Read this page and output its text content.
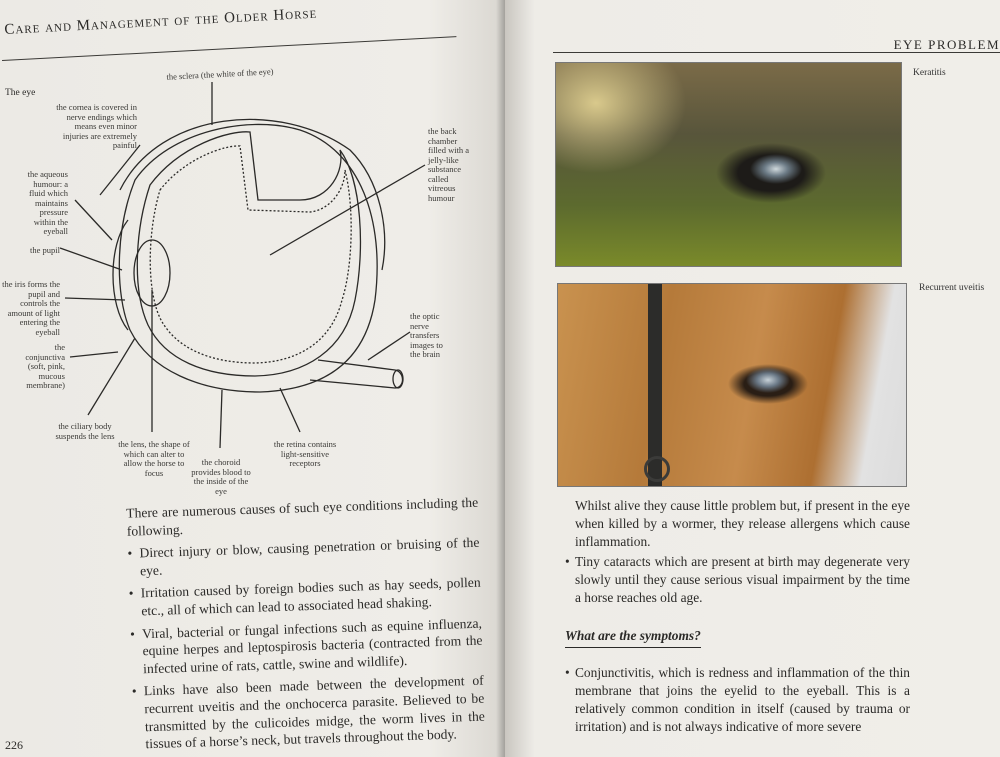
Care and Management of the Older Horse
The eye
the sclera (the white of the eye)
the cornea is covered in nerve endings which means even minor injuries are extremely painful
the aqueous humour: a fluid which maintains pressure within the eyeball
the pupil
the iris forms the pupil and controls the amount of light entering the eyeball
the conjunctiva (soft, pink, mucous membrane)
the ciliary body suspends the lens
the lens, the shape of which can alter to allow the horse to focus
the choroid provides blood to the inside of the eye
the retina contains light-sensitive receptors
the optic nerve transfers images to the brain
the back chamber filled with a jelly-like substance called vitreous humour

There are numerous causes of such eye conditions including the following.

• Direct injury or blow, causing penetration or bruising of the eye.
• Irritation caused by foreign bodies such as hay seeds, pollen etc., all of which can lead to associated head shaking.
• Viral, bacterial or fungal infections such as equine influenza, equine herpes and leptospirosis bacteria (contracted from the infected urine of rats, cattle, swine and wildlife).
• Links have also been made between the development of recurrent uveitis and the onchocerca parasite. Believed to be transmitted by the culicoides midge, the worm lives in the tissues of a horse’s neck, but travels throughout the body.
226
EYE PROBLEM
Keratitis
Recurrent uveitis

Whilst alive they cause little problem but, if present in the eye when killed by a wormer, they release allergens which cause inflammation.

• Tiny cataracts which are present at birth may degenerate very slowly until they cause serious visual impairment by the time a horse reaches old age.
What are the symptoms?
• Conjunctivitis, which is redness and inflammation of the thin membrane that joins the eyelid to the eyeball. This is a relatively common condition in itself (caused by trauma or irritation) and is not always indicative of more severe
